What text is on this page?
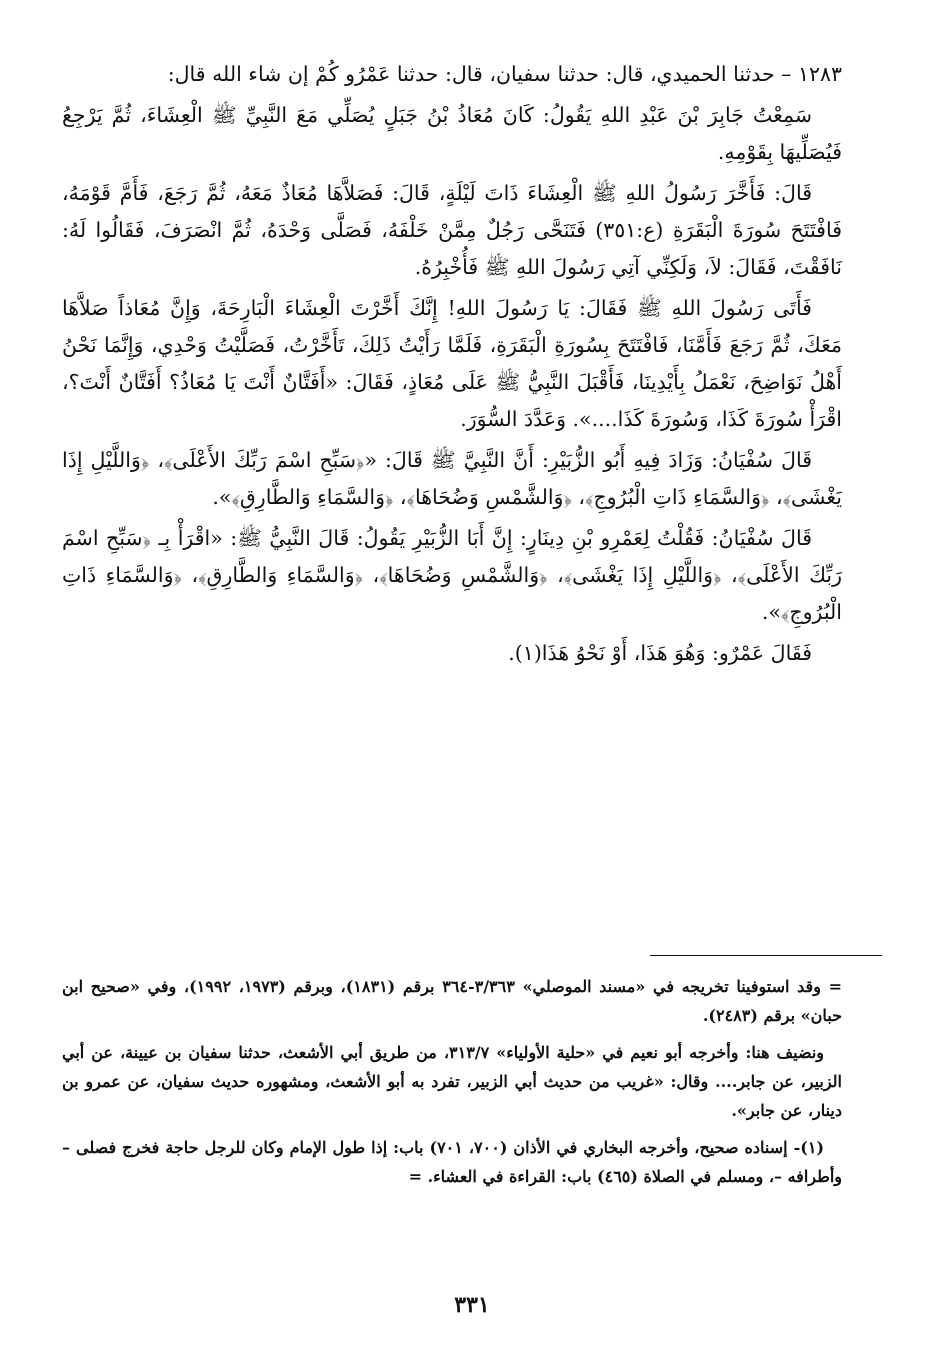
١٢٨٣ – حدثنا الحميدي، قال: حدثنا سفيان، قال: حدثنا عَمْرُو كُمْ إن شاء الله قال:

سَمِعْتُ جَابِرَ بْنَ عَبْدِ اللهِ يَقُولُ: كَانَ مُعَاذُ بْنُ جَبَلٍ يُصَلِّي مَعَ النَّبِيِّ ﷺ الْعِشَاءَ، ثُمَّ يَرْجِعُ فَيُصَلِّيهَا بِقَوْمِهِ.

قَالَ: فَأَخَّرَ رَسُولُ اللهِ ﷺ الْعِشَاءَ ذَاتَ لَيْلَةٍ، قَالَ: فَصَلاَّهَا مُعَاذٌ مَعَهُ، ثُمَّ رَجَعَ، فَأَمَّ قَوْمَهُ، فَافْتَتَحَ سُورَةَ الْبَقَرَةِ (ع:٣٥١) فَتَنَحَّى رَجُلٌ مِمَّنْ خَلْفَهُ، فَصَلَّى وَحْدَهُ، ثُمَّ انْصَرَفَ، فَقَالُوا لَهُ: نَافَقْتَ، فَقَالَ: لاَ، وَلَكِنِّي آتِي رَسُولَ اللهِ ﷺ فَأُخْبِرُهُ.

فَأَتَى رَسُولَ اللهِ ﷺ فَقَالَ: يَا رَسُولَ اللهِ! إِنَّكَ أَخَّرْتَ الْعِشَاءَ الْبَارِحَةَ، وَإِنَّ مُعَاذاً صَلاَّهَا مَعَكَ، ثُمَّ رَجَعَ فَأَمَّنَا، فَافْتَتَحَ بِسُورَةِ الْبَقَرَةِ، فَلَمَّا رَأَيْتُ ذَلِكَ، تَأَخَّرْتُ، فَصَلَّيْتُ وَحْدِي، وَإِنَّمَا نَحْنُ أَهْلُ نَوَاضِحَ، نَعْمَلُ بِأَيْدِينَا، فَأَقْبَلَ النَّبِيُّ ﷺ عَلَى مُعَاذٍ، فَقَالَ: «أَفَتَّانٌ أَنْتَ يَا مُعَاذُ؟ أَفَتَّانٌ أَنْتَ؟، اقْرَأْ سُورَةَ كَذَا، وَسُورَةَ كَذَا....». وَعَدَّدَ السُّوَرَ.

قَالَ سُفْيَانُ: وَزَادَ فِيهِ أَبُو الزُّبَيْرِ: أَنَّ النَّبِيَّ ﷺ قَالَ: «﴿سَبِّحِ اسْمَ رَبِّكَ الأَعْلَى﴾، ﴿وَاللَّيْلِ إِذَا يَغْشَى﴾، ﴿وَالسَّمَاءِ ذَاتِ الْبُرُوجِ﴾، ﴿وَالشَّمْسِ وَضُحَاهَا﴾، ﴿وَالسَّمَاءِ وَالطَّارِقِ﴾».

قَالَ سُفْيَانُ: فَقُلْتُ لِعَمْرِو بْنِ دِينَارٍ: إِنَّ أَبَا الزُّبَيْرِ يَقُولُ: قَالَ النَّبِيُّ ﷺ: «اقْرَأْ بِـ ﴿سَبِّحِ اسْمَ رَبِّكَ الأَعْلَى﴾، ﴿وَاللَّيْلِ إِذَا يَغْشَى﴾، ﴿وَالشَّمْسِ وَضُحَاهَا﴾، ﴿وَالسَّمَاءِ وَالطَّارِقِ﴾، ﴿وَالسَّمَاءِ ذَاتِ الْبُرُوجِ﴾».

فَقَالَ عَمْرٌو: وَهُوَ هَذَا، أَوْ نَحْوُ هَذَا(١).

= وقد استوفينا تخريجه في «مسند الموصلي» ٣/٣٦٣-٣٦٤ برقم (١٨٣١)، وبرقم (١٩٧٣، ١٩٩٢)، وفي «صحيح ابن حبان» برقم (٢٤٨٣).

ونضيف هنا: وأخرجه أبو نعيم في «حلية الأولياء» ٣١٣/٧، من طريق أبي الأشعث، حدثنا سفيان بن عيينة، عن أبي الزبير، عن جابر.... وقال: «غريب من حديث أبي الزبير، تفرد به أبو الأشعث، ومشهوره حديث سفيان، عن عمرو بن دينار، عن جابر».

(١)- إسناده صحيح، وأخرجه البخاري في الأذان (٧٠٠، ٧٠١) باب: إذا طول الإمام وكان للرجل حاجة فخرج فصلى –وأطرافه –، ومسلم في الصلاة (٤٦٥) باب: القراءة في العشاء. =

٣٣١
